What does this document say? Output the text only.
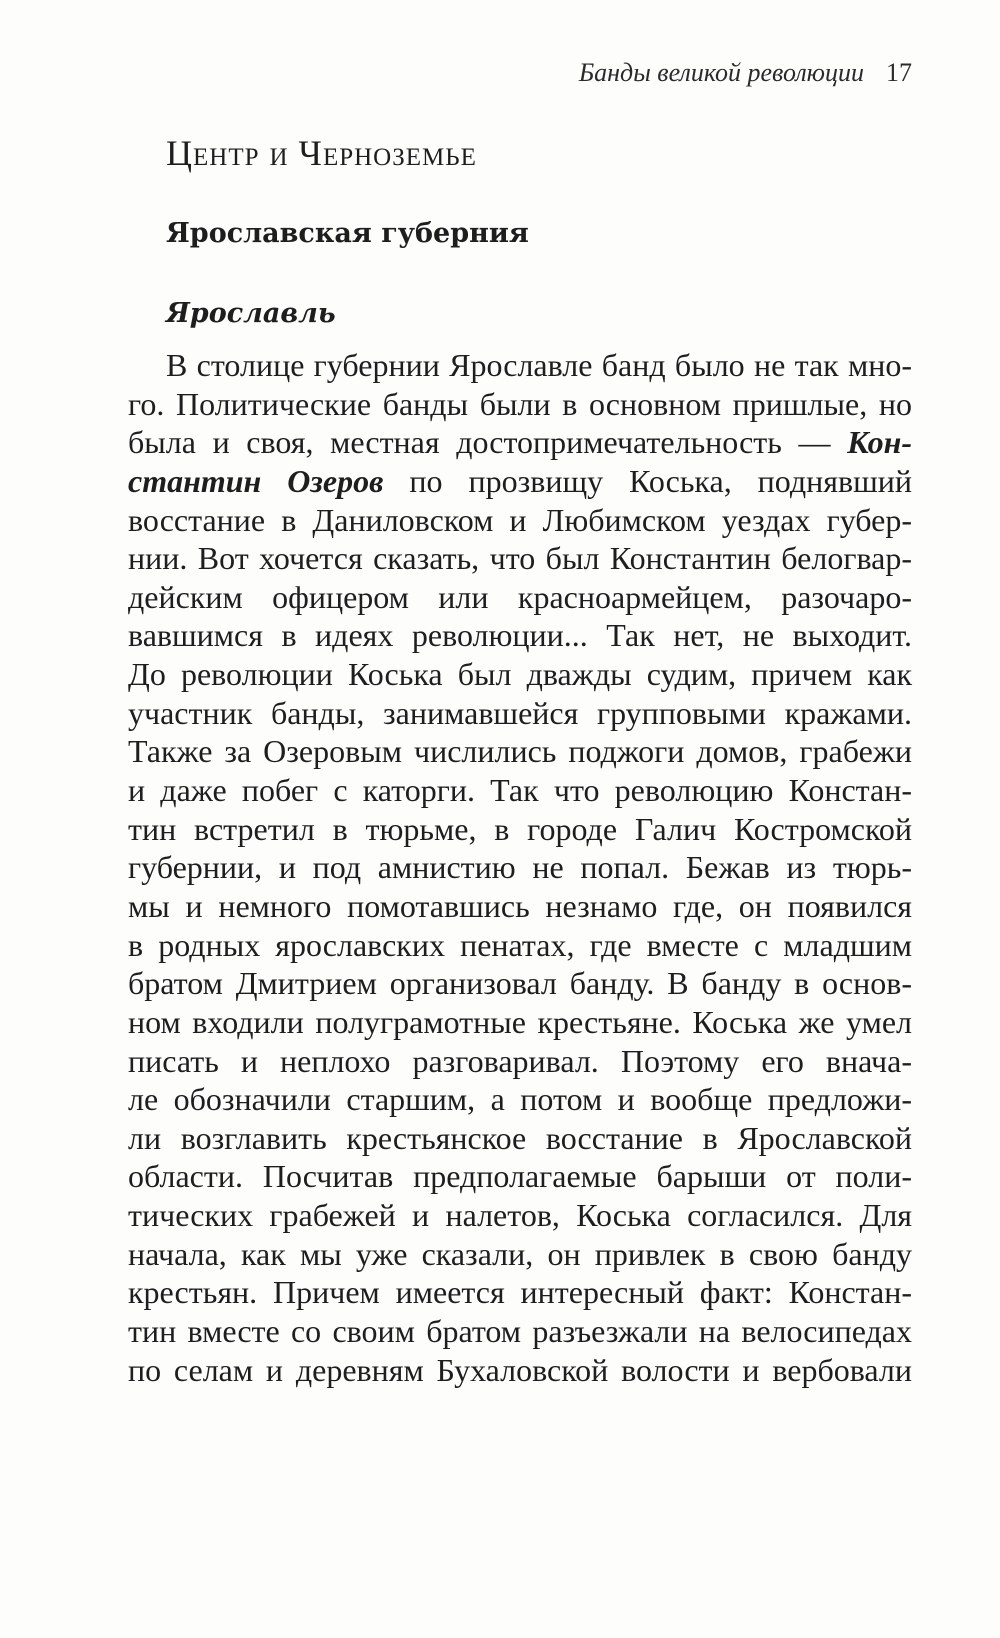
Банды великой революции 17
Центр и Черноземье
Ярославская губерния
Ярославль
В столице губернии Ярославле банд было не так мно-
го. Политические банды были в основном пришлые, но
была и своя, местная достопримечательность — Кон-
стантин Озеров по прозвищу Коська, поднявший
восстание в Даниловском и Любимском уездах губер-
нии. Вот хочется сказать, что был Константин белогвар-
дейским офицером или красноармейцем, разочаро-
вавшимся в идеях революции... Так нет, не выходит.
До революции Коська был дважды судим, причем как
участник банды, занимавшейся групповыми кражами.
Также за Озеровым числились поджоги домов, грабежи
и даже побег с каторги. Так что революцию Констан-
тин встретил в тюрьме, в городе Галич Костромской
губернии, и под амнистию не попал. Бежав из тюрь-
мы и немного помотавшись незнамо где, он появился
в родных ярославских пенатах, где вместе с младшим
братом Дмитрием организовал банду. В банду в основ-
ном входили полуграмотные крестьяне. Коська же умел
писать и неплохо разговаривал. Поэтому его внача-
ле обозначили старшим, а потом и вообще предложи-
ли возглавить крестьянское восстание в Ярославской
области. Посчитав предполагаемые барыши от поли-
тических грабежей и налетов, Коська согласился. Для
начала, как мы уже сказали, он привлек в свою банду
крестьян. Причем имеется интересный факт: Констан-
тин вместе со своим братом разъезжали на велосипедах
по селам и деревням Бухаловской волости и вербовали
